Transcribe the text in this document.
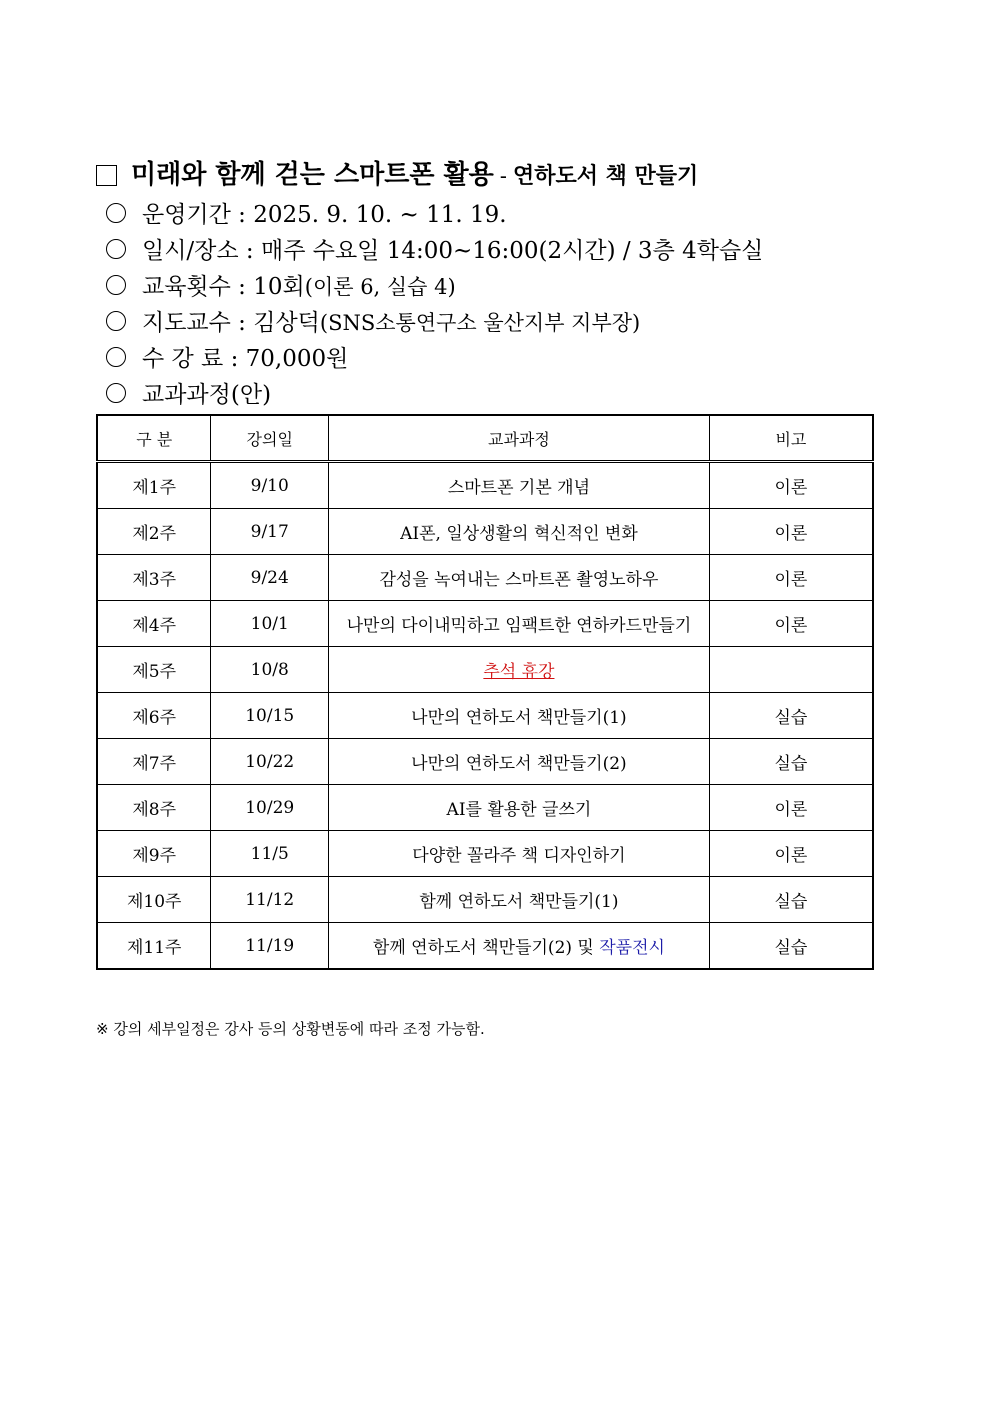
미래와 함께 걷는 스마트폰 활용 - 연하도서 책 만들기
운영기간 : 2025. 9. 10. ~ 11. 19.
일시/장소 : 매주 수요일 14:00~16:00(2시간) / 3층 4학습실
교육횟수 : 10회(이론 6, 실습 4)
지도교수 : 김상덕(SNS소통연구소 울산지부 지부장)
수 강 료 : 70,000원
교과과정(안)
구 분	강의일	교과과정	비고
제1주	9/10	스마트폰 기본 개념	이론
제2주	9/17	AI폰, 일상생활의 혁신적인 변화	이론
제3주	9/24	감성을 녹여내는 스마트폰 촬영노하우	이론
제4주	10/1	나만의 다이내믹하고 임팩트한 연하카드만들기	이론
제5주	10/8	추석 휴강	
제6주	10/15	나만의 연하도서 책만들기(1)	실습
제7주	10/22	나만의 연하도서 책만들기(2)	실습
제8주	10/29	AI를 활용한 글쓰기	이론
제9주	11/5	다양한 꼴라주 책 디자인하기	이론
제10주	11/12	함께 연하도서 책만들기(1)	실습
제11주	11/19	함께 연하도서 책만들기(2) 및 작품전시	실습
※ 강의 세부일정은 강사 등의 상황변동에 따라 조정 가능함.
